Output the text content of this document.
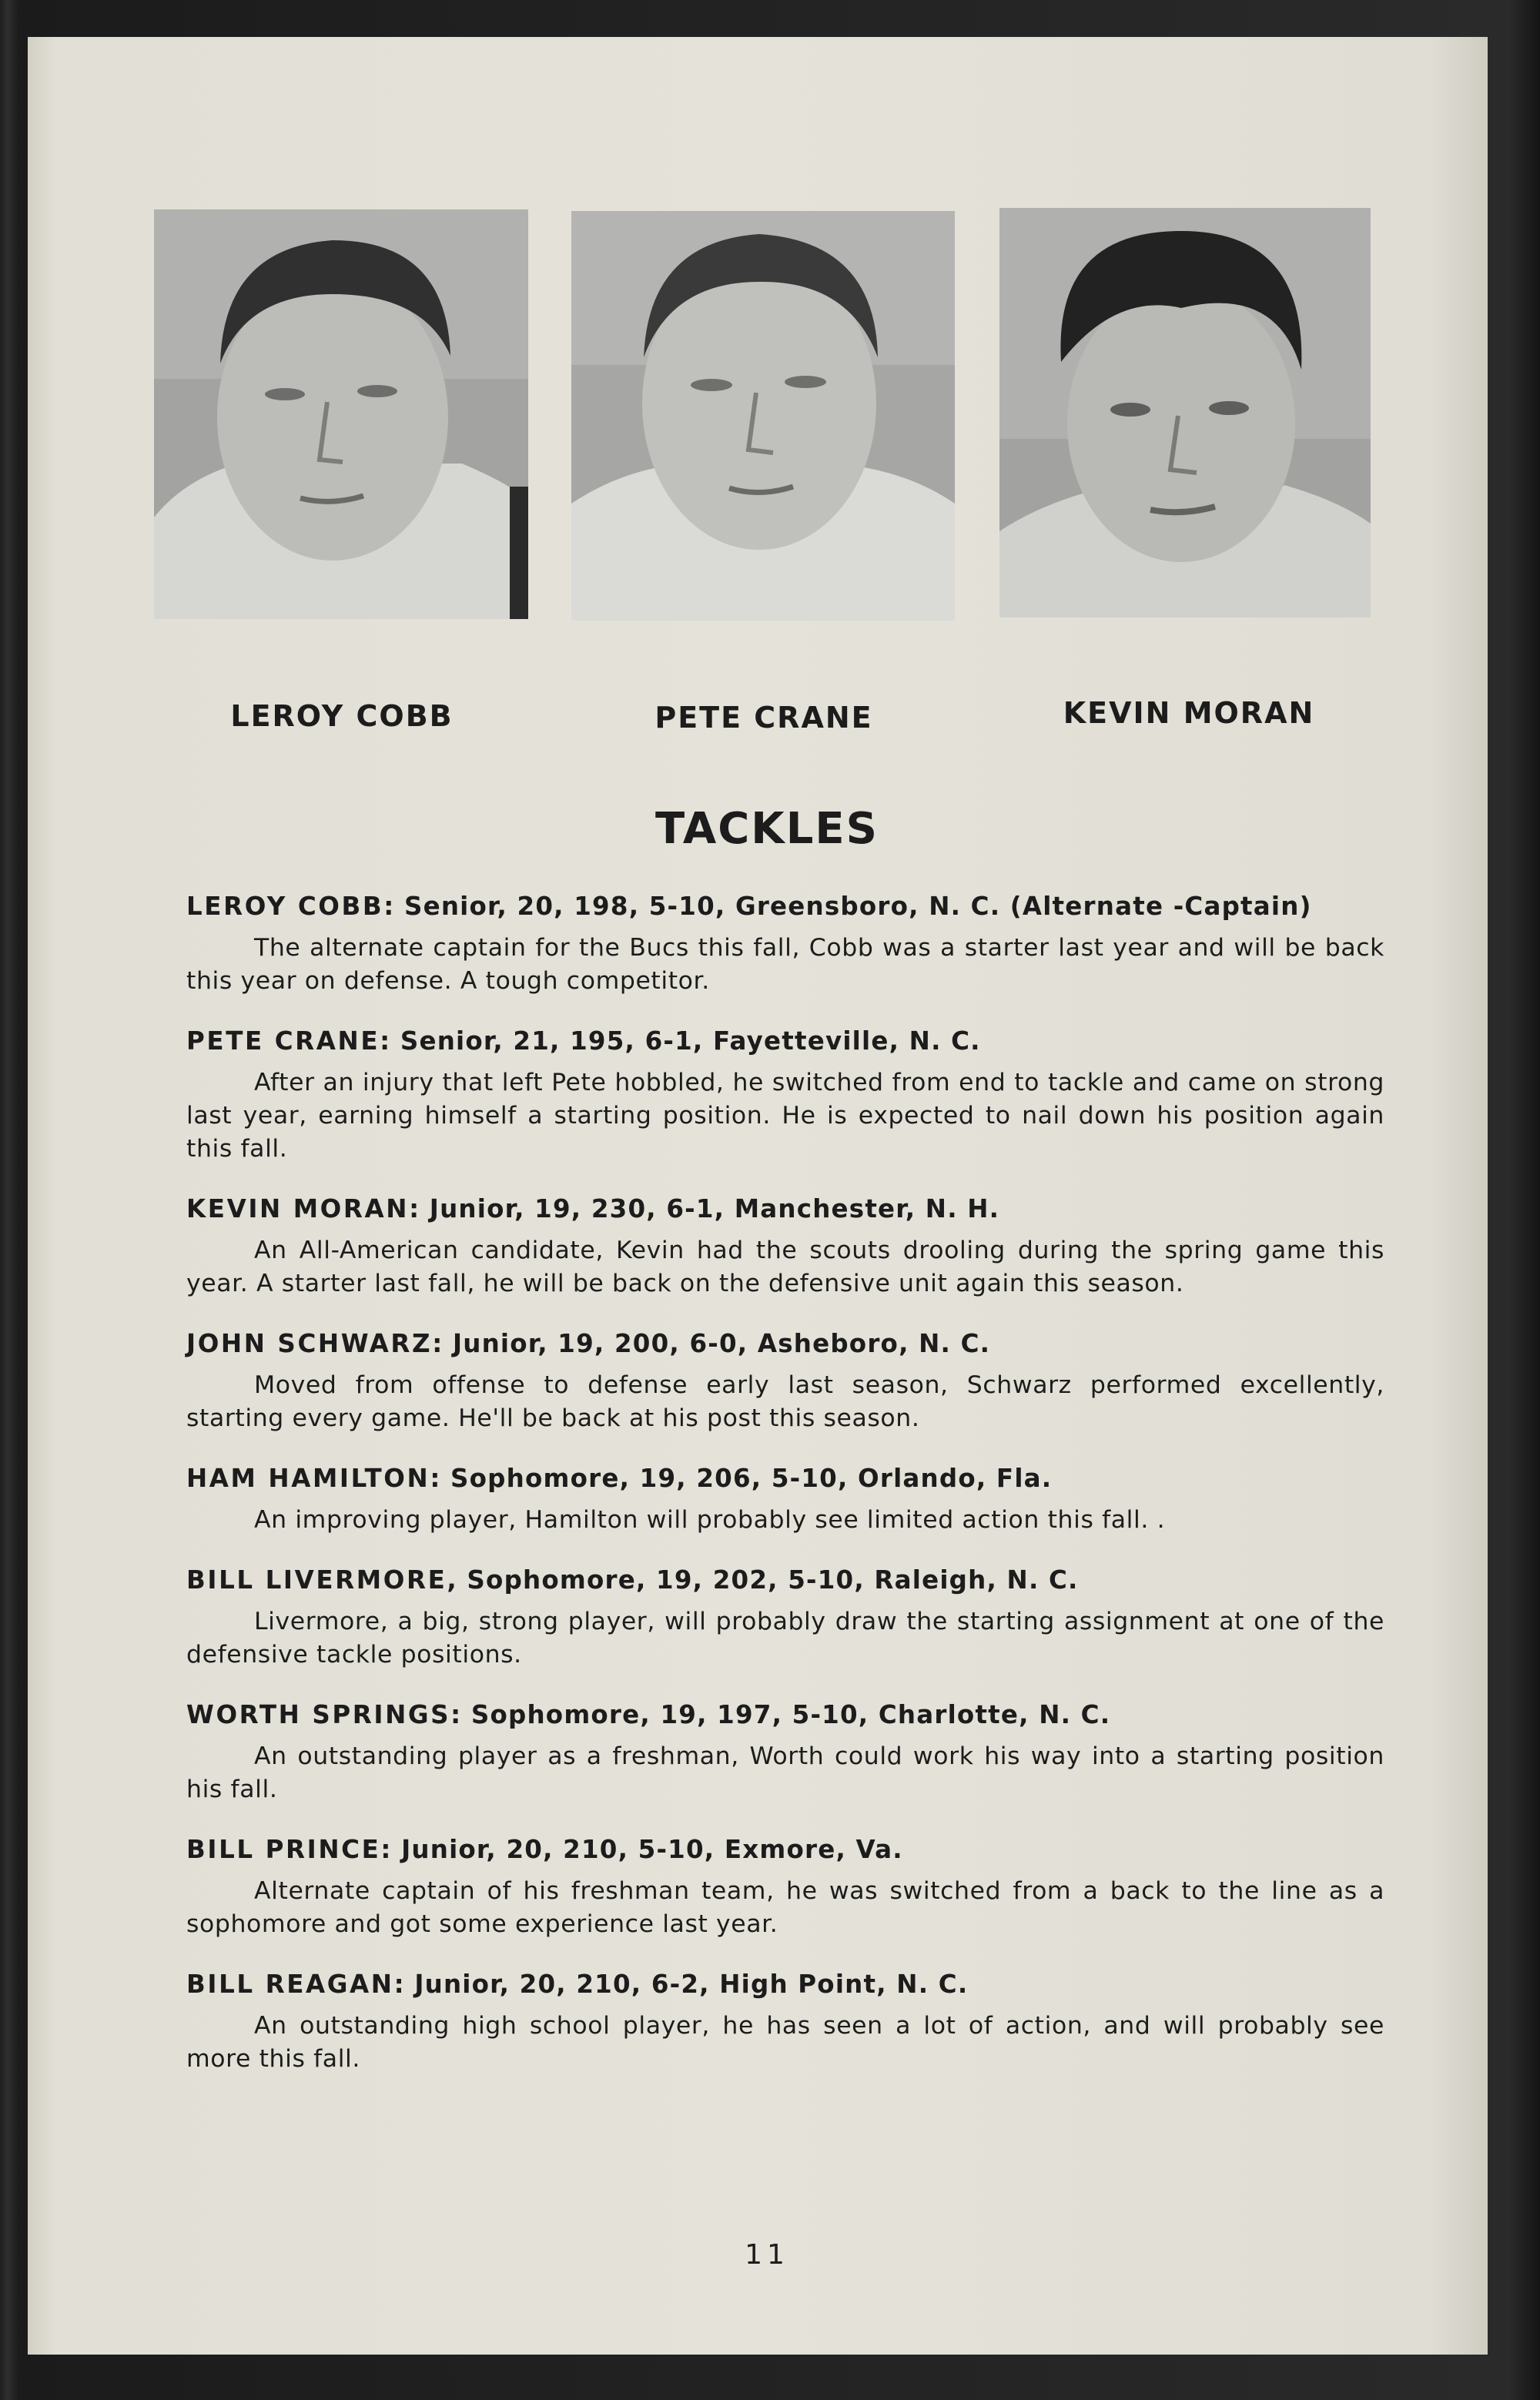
LEROY COBB	PETE CRANE	KEVIN MORAN
TACKLES
LEROY COBB: Senior, 20, 198, 5-10, Greensboro, N. C. (Alternate -Captain)
The alternate captain for the Bucs this fall, Cobb was a starter last year and will be back this year on defense. A tough competitor.
PETE CRANE: Senior, 21, 195, 6-1, Fayetteville, N. C.
After an injury that left Pete hobbled, he switched from end to tackle and came on strong last year, earning himself a starting position. He is expected to nail down his position again this fall.
KEVIN MORAN: Junior, 19, 230, 6-1, Manchester, N. H.
An All-American candidate, Kevin had the scouts drooling during the spring game this year. A starter last fall, he will be back on the defensive unit again this season.
JOHN SCHWARZ: Junior, 19, 200, 6-0, Asheboro, N. C.
Moved from offense to defense early last season, Schwarz performed excellently, starting every game. He'll be back at his post this season.
HAM HAMILTON: Sophomore, 19, 206, 5-10, Orlando, Fla.
An improving player, Hamilton will probably see limited action this fall. .
BILL LIVERMORE, Sophomore, 19, 202, 5-10, Raleigh, N. C.
Livermore, a big, strong player, will probably draw the starting assignment at one of the defensive tackle positions.
WORTH SPRINGS: Sophomore, 19, 197, 5-10, Charlotte, N. C.
An outstanding player as a freshman, Worth could work his way into a starting position his fall.
BILL PRINCE: Junior, 20, 210, 5-10, Exmore, Va.
Alternate captain of his freshman team, he was switched from a back to the line as a sophomore and got some experience last year.
BILL REAGAN: Junior, 20, 210, 6-2, High Point, N. C.
An outstanding high school player, he has seen a lot of action, and will probably see more this fall.
11
